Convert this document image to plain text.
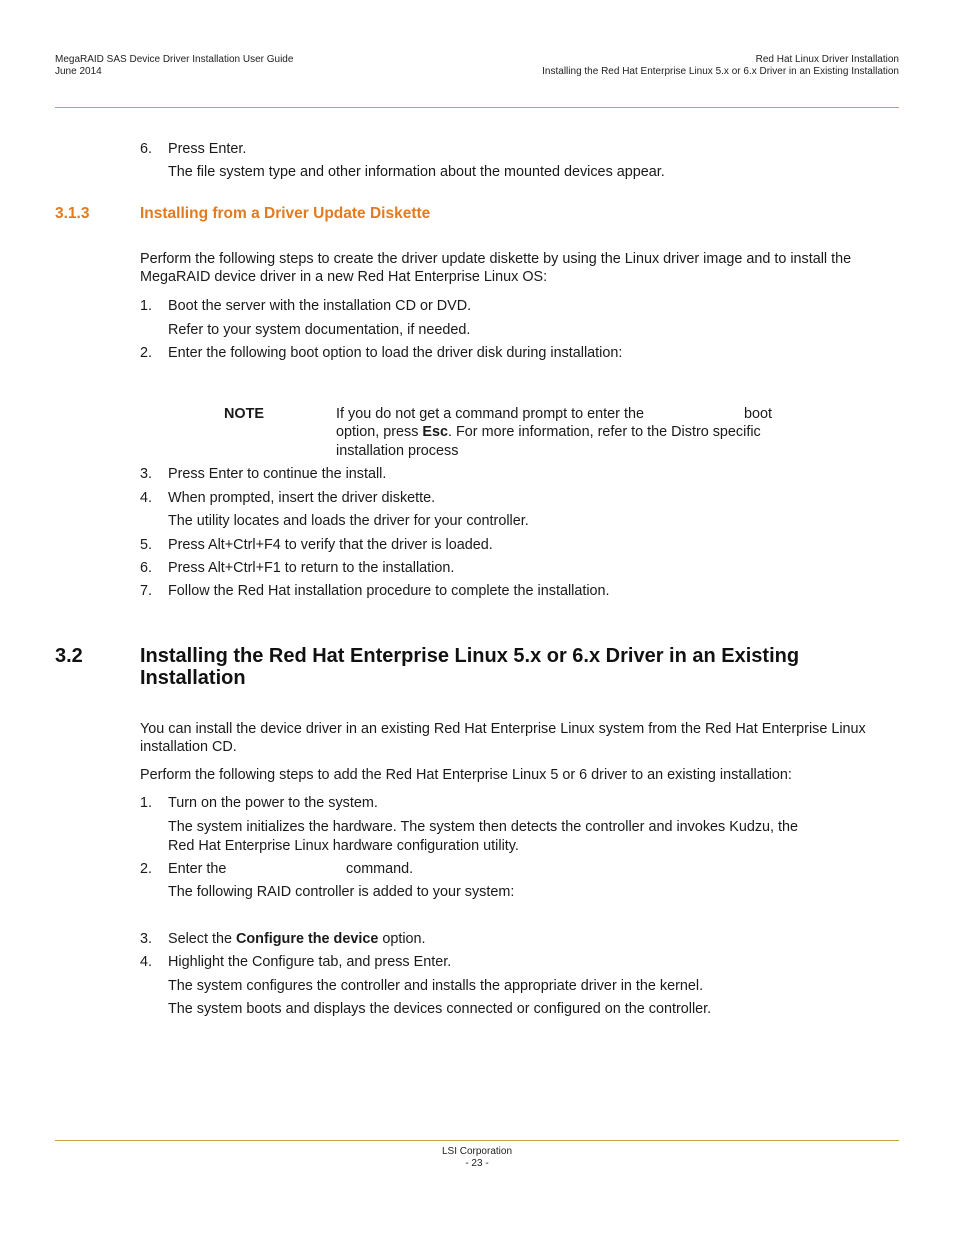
MegaRAID SAS Device Driver Installation User Guide
June 2014
Red Hat Linux Driver Installation
Installing the Red Hat Enterprise Linux 5.x or 6.x Driver in an Existing Installation
6. Press Enter.
The file system type and other information about the mounted devices appear.
3.1.3	Installing from a Driver Update Diskette
Perform the following steps to create the driver update diskette by using the Linux driver image and to install the
MegaRAID device driver in a new Red Hat Enterprise Linux OS:
1. Boot the server with the installation CD or DVD.
Refer to your system documentation, if needed.
2. Enter the following boot option to load the driver disk during installation:
NOTE	If you do not get a command prompt to enter the	boot
option, press Esc. For more information, refer to the Distro specific
installation process
3. Press Enter to continue the install.
4. When prompted, insert the driver diskette.
The utility locates and loads the driver for your controller.
5. Press Alt+Ctrl+F4 to verify that the driver is loaded.
6. Press Alt+Ctrl+F1 to return to the installation.
7. Follow the Red Hat installation procedure to complete the installation.
3.2	Installing the Red Hat Enterprise Linux 5.x or 6.x Driver in an Existing
Installation
You can install the device driver in an existing Red Hat Enterprise Linux system from the Red Hat Enterprise Linux
installation CD.
Perform the following steps to add the Red Hat Enterprise Linux 5 or 6 driver to an existing installation:
1. Turn on the power to the system.
The system initializes the hardware. The system then detects the controller and invokes Kudzu, the
Red Hat Enterprise Linux hardware configuration utility.
2. Enter the	command.
The following RAID controller is added to your system:
3. Select the Configure the device option.
4. Highlight the Configure tab, and press Enter.
The system configures the controller and installs the appropriate driver in the kernel.
The system boots and displays the devices connected or configured on the controller.
LSI Corporation
- 23 -
